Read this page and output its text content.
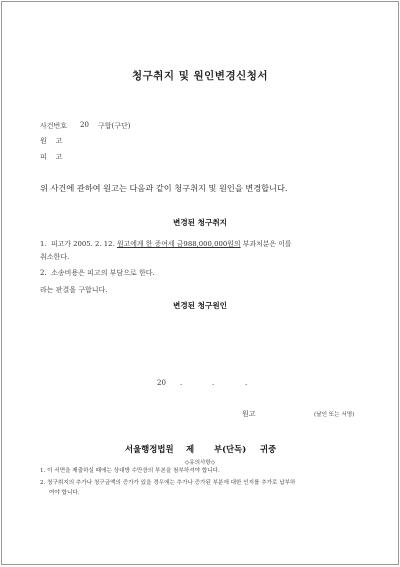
청구취지 및 원인변경신청서
사건번호 20 구합(구단)
원    고
피    고
위 사건에 관하여 원고는 다음과 같이 청구취지 및 원인을 변경합니다.
변경된 청구취지
1.  피고가 2005. 2. 12. 원고에게 한 증여세 금988,000,000원의 부과처분은 이를
취소한다.
2.  소송비용은 피고의 부담으로 한다.
라는 판결을 구합니다.
변경된 청구원인
20 .	.	.
원고	(날인 또는 서명)
서울행정법원 제 부(단독) 귀중
◇유의사항◇
1. 이 서면을 제출하실 때에는 상대방 수만큼의 부본을 첨부하셔야 합니다.
2. 청구취지의 추가나 청구금액의 증가가 있을 경우에는 추가나 증가된 부분에 대한 인지를 추가로 납부하
여야 합니다.
